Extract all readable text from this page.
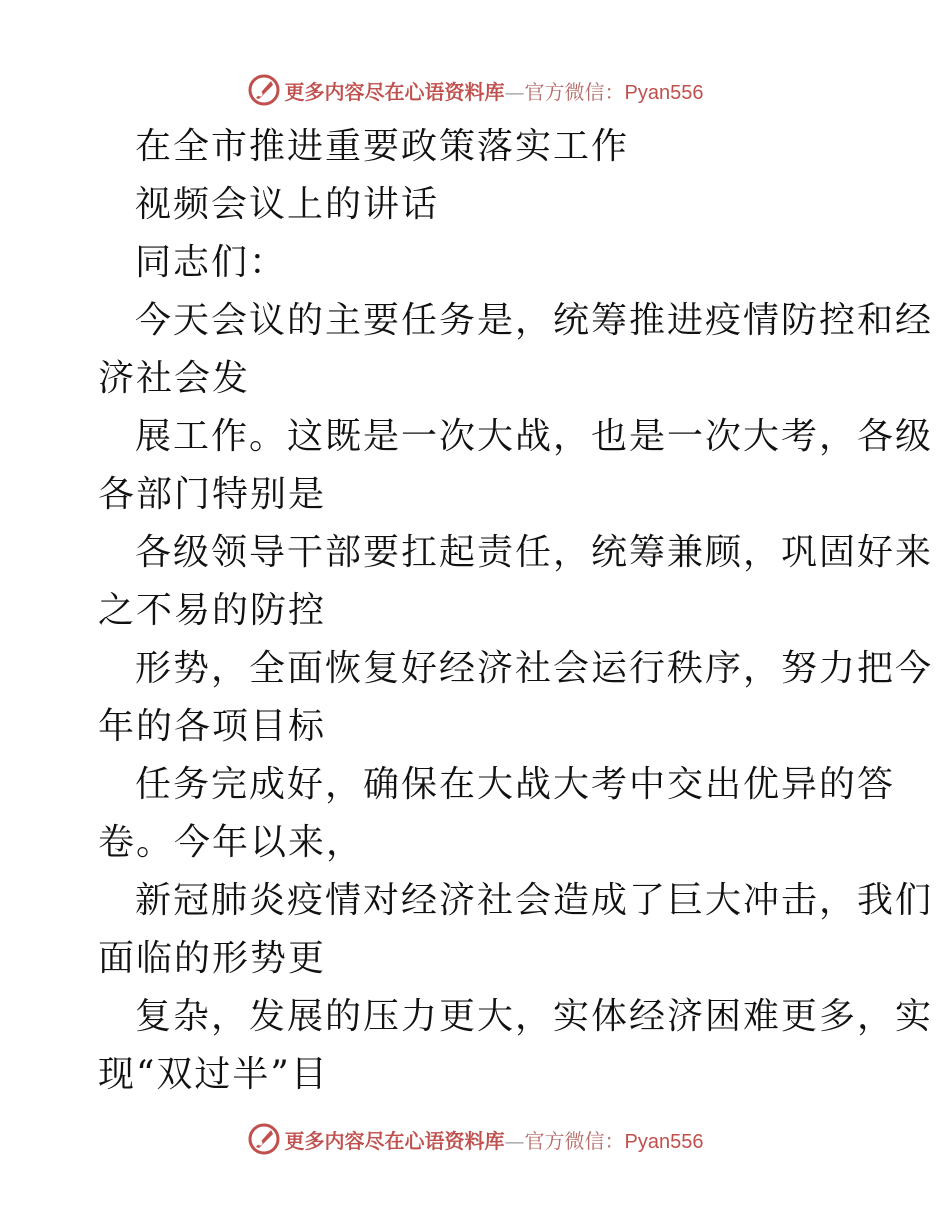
更多内容尽在心语资料库—官方微信：Pyan556
在全市推进重要政策落实工作
视频会议上的讲话
同志们：
今天会议的主要任务是，统筹推进疫情防控和经
济社会发
展工作。这既是一次大战，也是一次大考，各级
各部门特别是
各级领导干部要扛起责任，统筹兼顾，巩固好来
之不易的防控
形势，全面恢复好经济社会运行秩序，努力把今
年的各项目标
任务完成好，确保在大战大考中交出优异的答
卷。今年以来，
新冠肺炎疫情对经济社会造成了巨大冲击，我们
面临的形势更
复杂，发展的压力更大，实体经济困难更多，实
现“双过半”目
更多内容尽在心语资料库—官方微信：Pyan556
